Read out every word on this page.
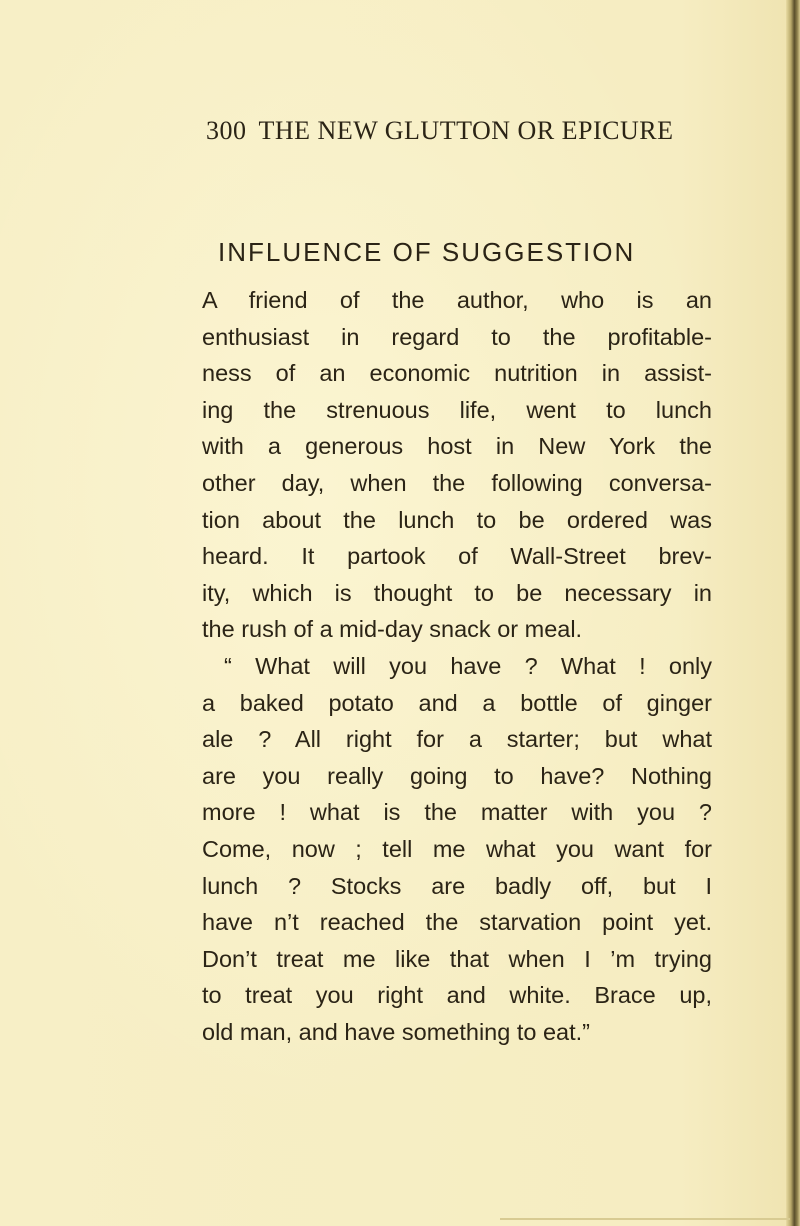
300 THE NEW GLUTTON OR EPICURE
INFLUENCE OF SUGGESTION
A friend of the author, who is an
enthusiast in regard to the profitable-
ness of an economic nutrition in assist-
ing the strenuous life, went to lunch
with a generous host in New York the
other day, when the following conversa-
tion about the lunch to be ordered was
heard. It partook of Wall-Street brev-
ity, which is thought to be necessary in
the rush of a mid-day snack or meal.
“ What will you have ? What ! only
a baked potato and a bottle of ginger
ale ? All right for a starter; but what
are you really going to have? Nothing
more ! what is the matter with you ?
Come, now ; tell me what you want for
lunch ? Stocks are badly off, but I
have n’t reached the starvation point yet.
Don’t treat me like that when I ’m trying
to treat you right and white. Brace up,
old man, and have something to eat.”
